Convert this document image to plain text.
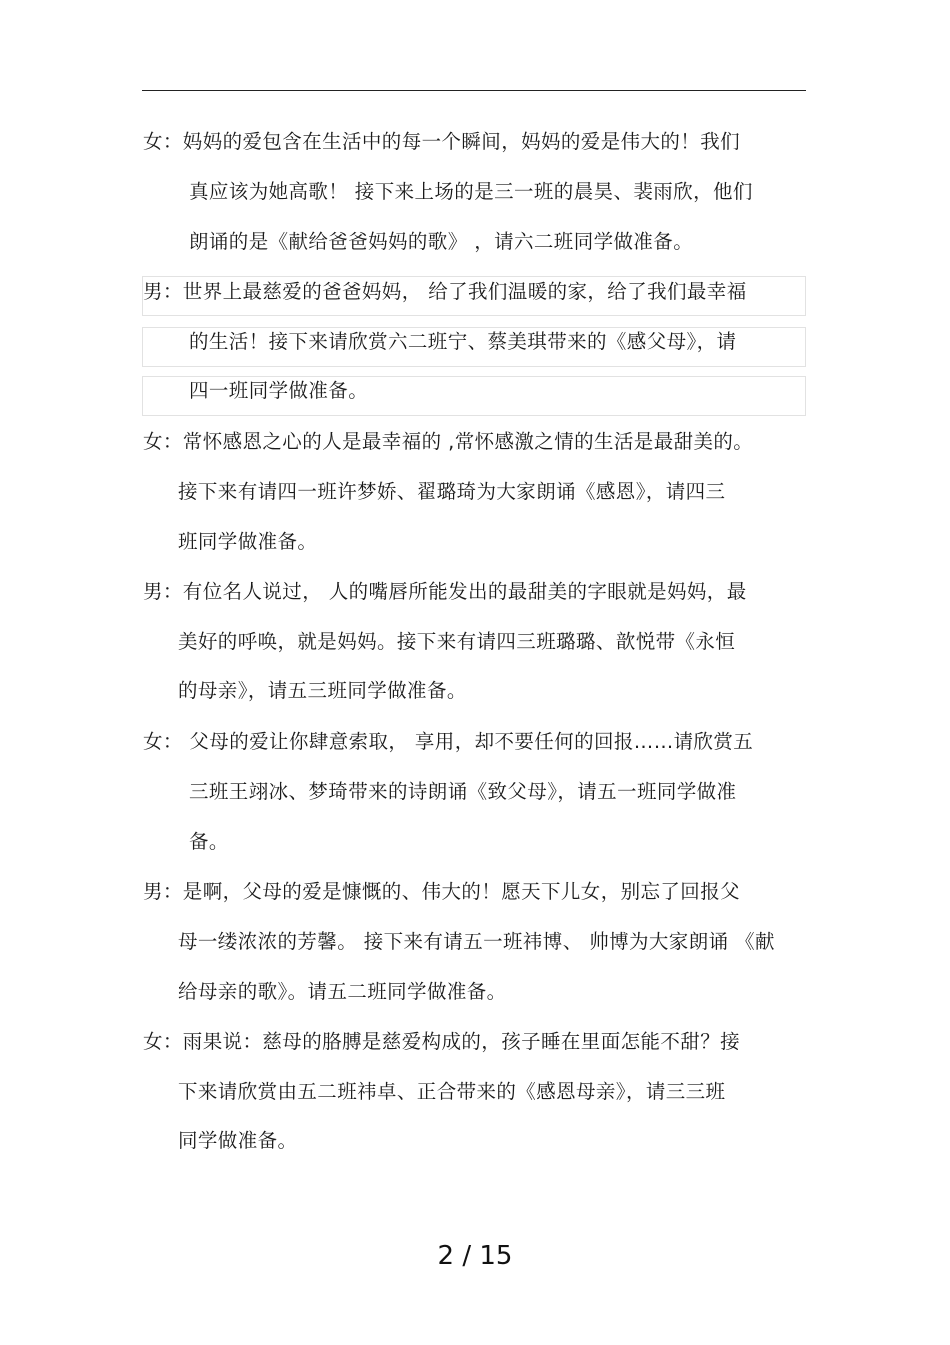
女：妈妈的爱包含在生活中的每一个瞬间，妈妈的爱是伟大的！我们
真应该为她高歌！ 接下来上场的是三一班的晨昊、裴雨欣，他们
朗诵的是《献给爸爸妈妈的歌》 ，请六二班同学做准备。
男：世界上最慈爱的爸爸妈妈， 给了我们温暖的家，给了我们最幸福
的生活！接下来请欣赏六二班宁、蔡美琪带来的《感父母》，请
四一班同学做准备。
女：常怀感恩之心的人是最幸福的 ,常怀感激之情的生活是最甜美的。
接下来有请四一班许梦娇、翟璐琦为大家朗诵《感恩》，请四三
班同学做准备。
男：有位名人说过， 人的嘴唇所能发出的最甜美的字眼就是妈妈，最
美好的呼唤，就是妈妈。接下来有请四三班璐璐、歆悦带《永恒
的母亲》，请五三班同学做准备。
女： 父母的爱让你肆意索取， 享用，却不要任何的回报……请欣赏五
三班王翊冰、梦琦带来的诗朗诵《致父母》，请五一班同学做准
备。
男：是啊，父母的爱是慷慨的、伟大的！愿天下儿女，别忘了回报父
母一缕浓浓的芳馨。 接下来有请五一班祎博、 帅博为大家朗诵 《献
给母亲的歌》。请五二班同学做准备。
女：雨果说：慈母的胳膊是慈爱构成的，孩子睡在里面怎能不甜？接
下来请欣赏由五二班祎卓、正合带来的《感恩母亲》，请三三班
同学做准备。
2 / 15
